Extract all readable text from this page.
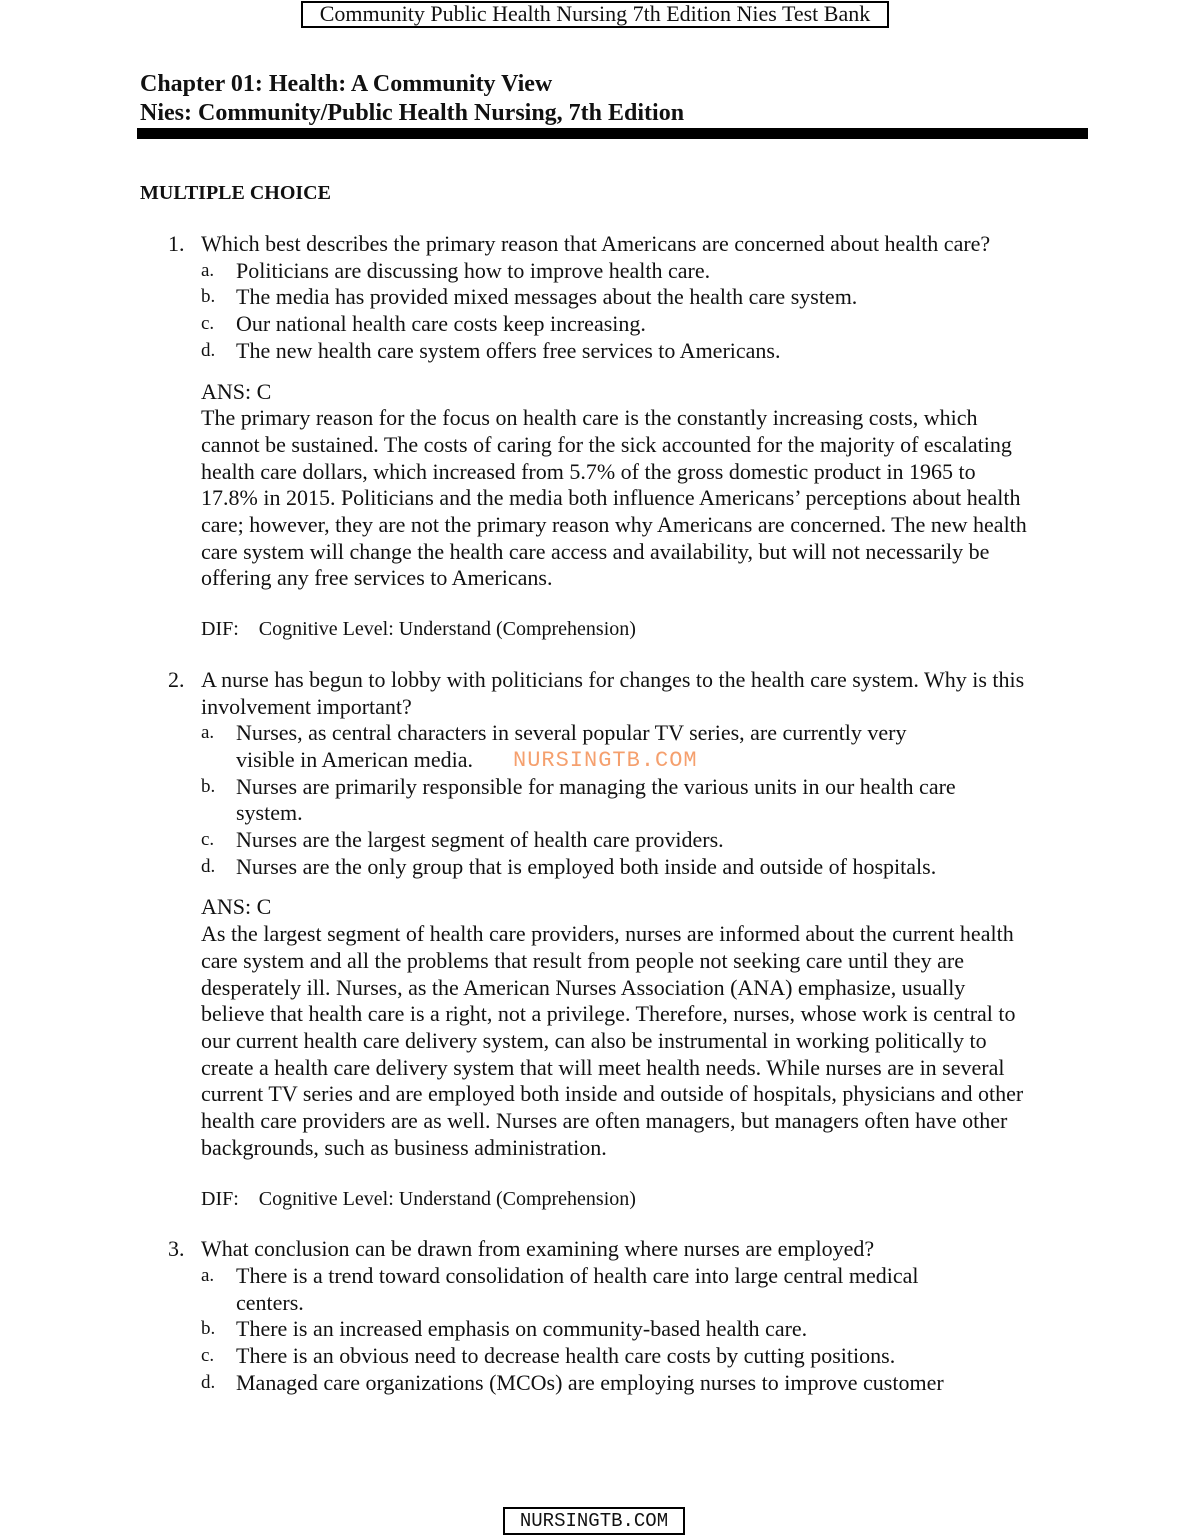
Community Public Health Nursing 7th Edition Nies Test Bank
Chapter 01: Health: A Community View
Nies: Community/Public Health Nursing, 7th Edition
MULTIPLE CHOICE
1. Which best describes the primary reason that Americans are concerned about health care?
a. Politicians are discussing how to improve health care.
b. The media has provided mixed messages about the health care system.
c. Our national health care costs keep increasing.
d. The new health care system offers free services to Americans.
ANS: C
The primary reason for the focus on health care is the constantly increasing costs, which
cannot be sustained. The costs of caring for the sick accounted for the majority of escalating
health care dollars, which increased from 5.7% of the gross domestic product in 1965 to
17.8% in 2015. Politicians and the media both influence Americans’ perceptions about health
care; however, they are not the primary reason why Americans are concerned. The new health
care system will change the health care access and availability, but will not necessarily be
offering any free services to Americans.
DIF: Cognitive Level: Understand (Comprehension)
2. A nurse has begun to lobby with politicians for changes to the health care system. Why is this
involvement important?
a. Nurses, as central characters in several popular TV series, are currently very
visible in American media.
b. Nurses are primarily responsible for managing the various units in our health care
system.
c. Nurses are the largest segment of health care providers.
d. Nurses are the only group that is employed both inside and outside of hospitals.
ANS: C
As the largest segment of health care providers, nurses are informed about the current health
care system and all the problems that result from people not seeking care until they are
desperately ill. Nurses, as the American Nurses Association (ANA) emphasize, usually
believe that health care is a right, not a privilege. Therefore, nurses, whose work is central to
our current health care delivery system, can also be instrumental in working politically to
create a health care delivery system that will meet health needs. While nurses are in several
current TV series and are employed both inside and outside of hospitals, physicians and other
health care providers are as well. Nurses are often managers, but managers often have other
backgrounds, such as business administration.
DIF: Cognitive Level: Understand (Comprehension)
3. What conclusion can be drawn from examining where nurses are employed?
a. There is a trend toward consolidation of health care into large central medical
centers.
b. There is an increased emphasis on community-based health care.
c. There is an obvious need to decrease health care costs by cutting positions.
d. Managed care organizations (MCOs) are employing nurses to improve customer
NURSINGTB.COM
NURSINGTB.COM
